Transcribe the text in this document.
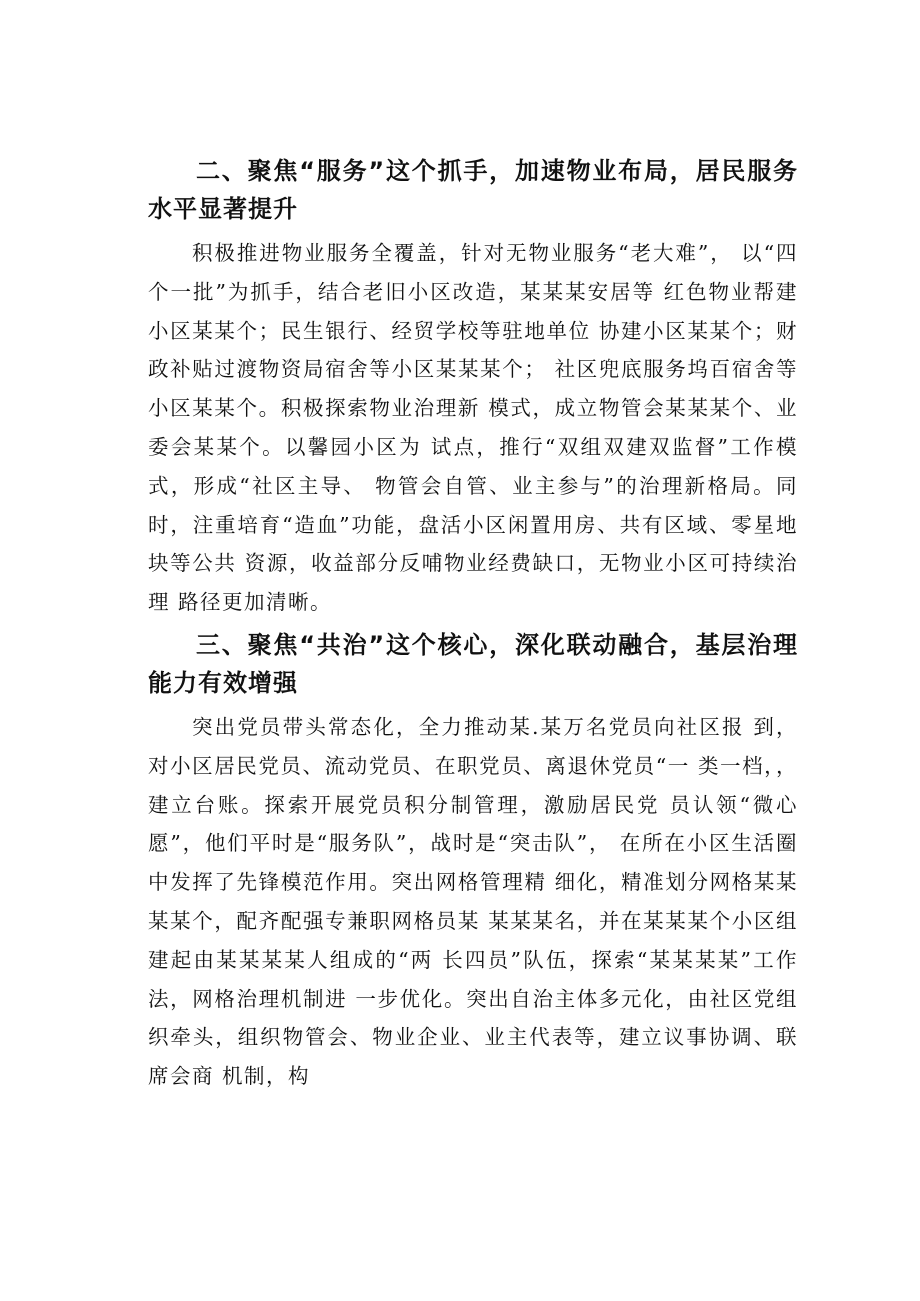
二、聚焦“服务”这个抓手，加速物业布局，居民服务水平显著提升

积极推进物业服务全覆盖，针对无物业服务“老大难”， 以“四个一批”为抓手，结合老旧小区改造，某某某安居等 红色物业帮建小区某某个；民生银行、经贸学校等驻地单位 协建小区某某个；财政补贴过渡物资局宿舍等小区某某某个； 社区兜底服务坞百宿舍等小区某某个。积极探索物业治理新 模式，成立物管会某某某个、业委会某某个。以馨园小区为 试点，推行“双组双建双监督”工作模式，形成“社区主导、 物管会自管、业主参与”的治理新格局。同时，注重培育“造血”功能，盘活小区闲置用房、共有区域、零星地块等公共 资源，收益部分反哺物业经费缺口，无物业小区可持续治理 路径更加清晰。

三、聚焦“共治”这个核心，深化联动融合，基层治理能力有效增强

突出党员带头常态化，全力推动某.某万名党员向社区报 到，对小区居民党员、流动党员、在职党员、离退休党员“一 类一档，，建立台账。探索开展党员积分制管理，激励居民党 员认领“微心愿”，他们平时是“服务队”，战时是“突击队”， 在所在小区生活圈中发挥了先锋模范作用。突出网格管理精 细化，精准划分网格某某某某个，配齐配强专兼职网格员某 某某某名，并在某某某个小区组建起由某某某某人组成的“两 长四员”队伍，探索“某某某某”工作法，网格治理机制进 一步优化。突出自治主体多元化，由社区党组织牵头，组织物管会、物业企业、业主代表等，建立议事协调、联席会商 机制，构
